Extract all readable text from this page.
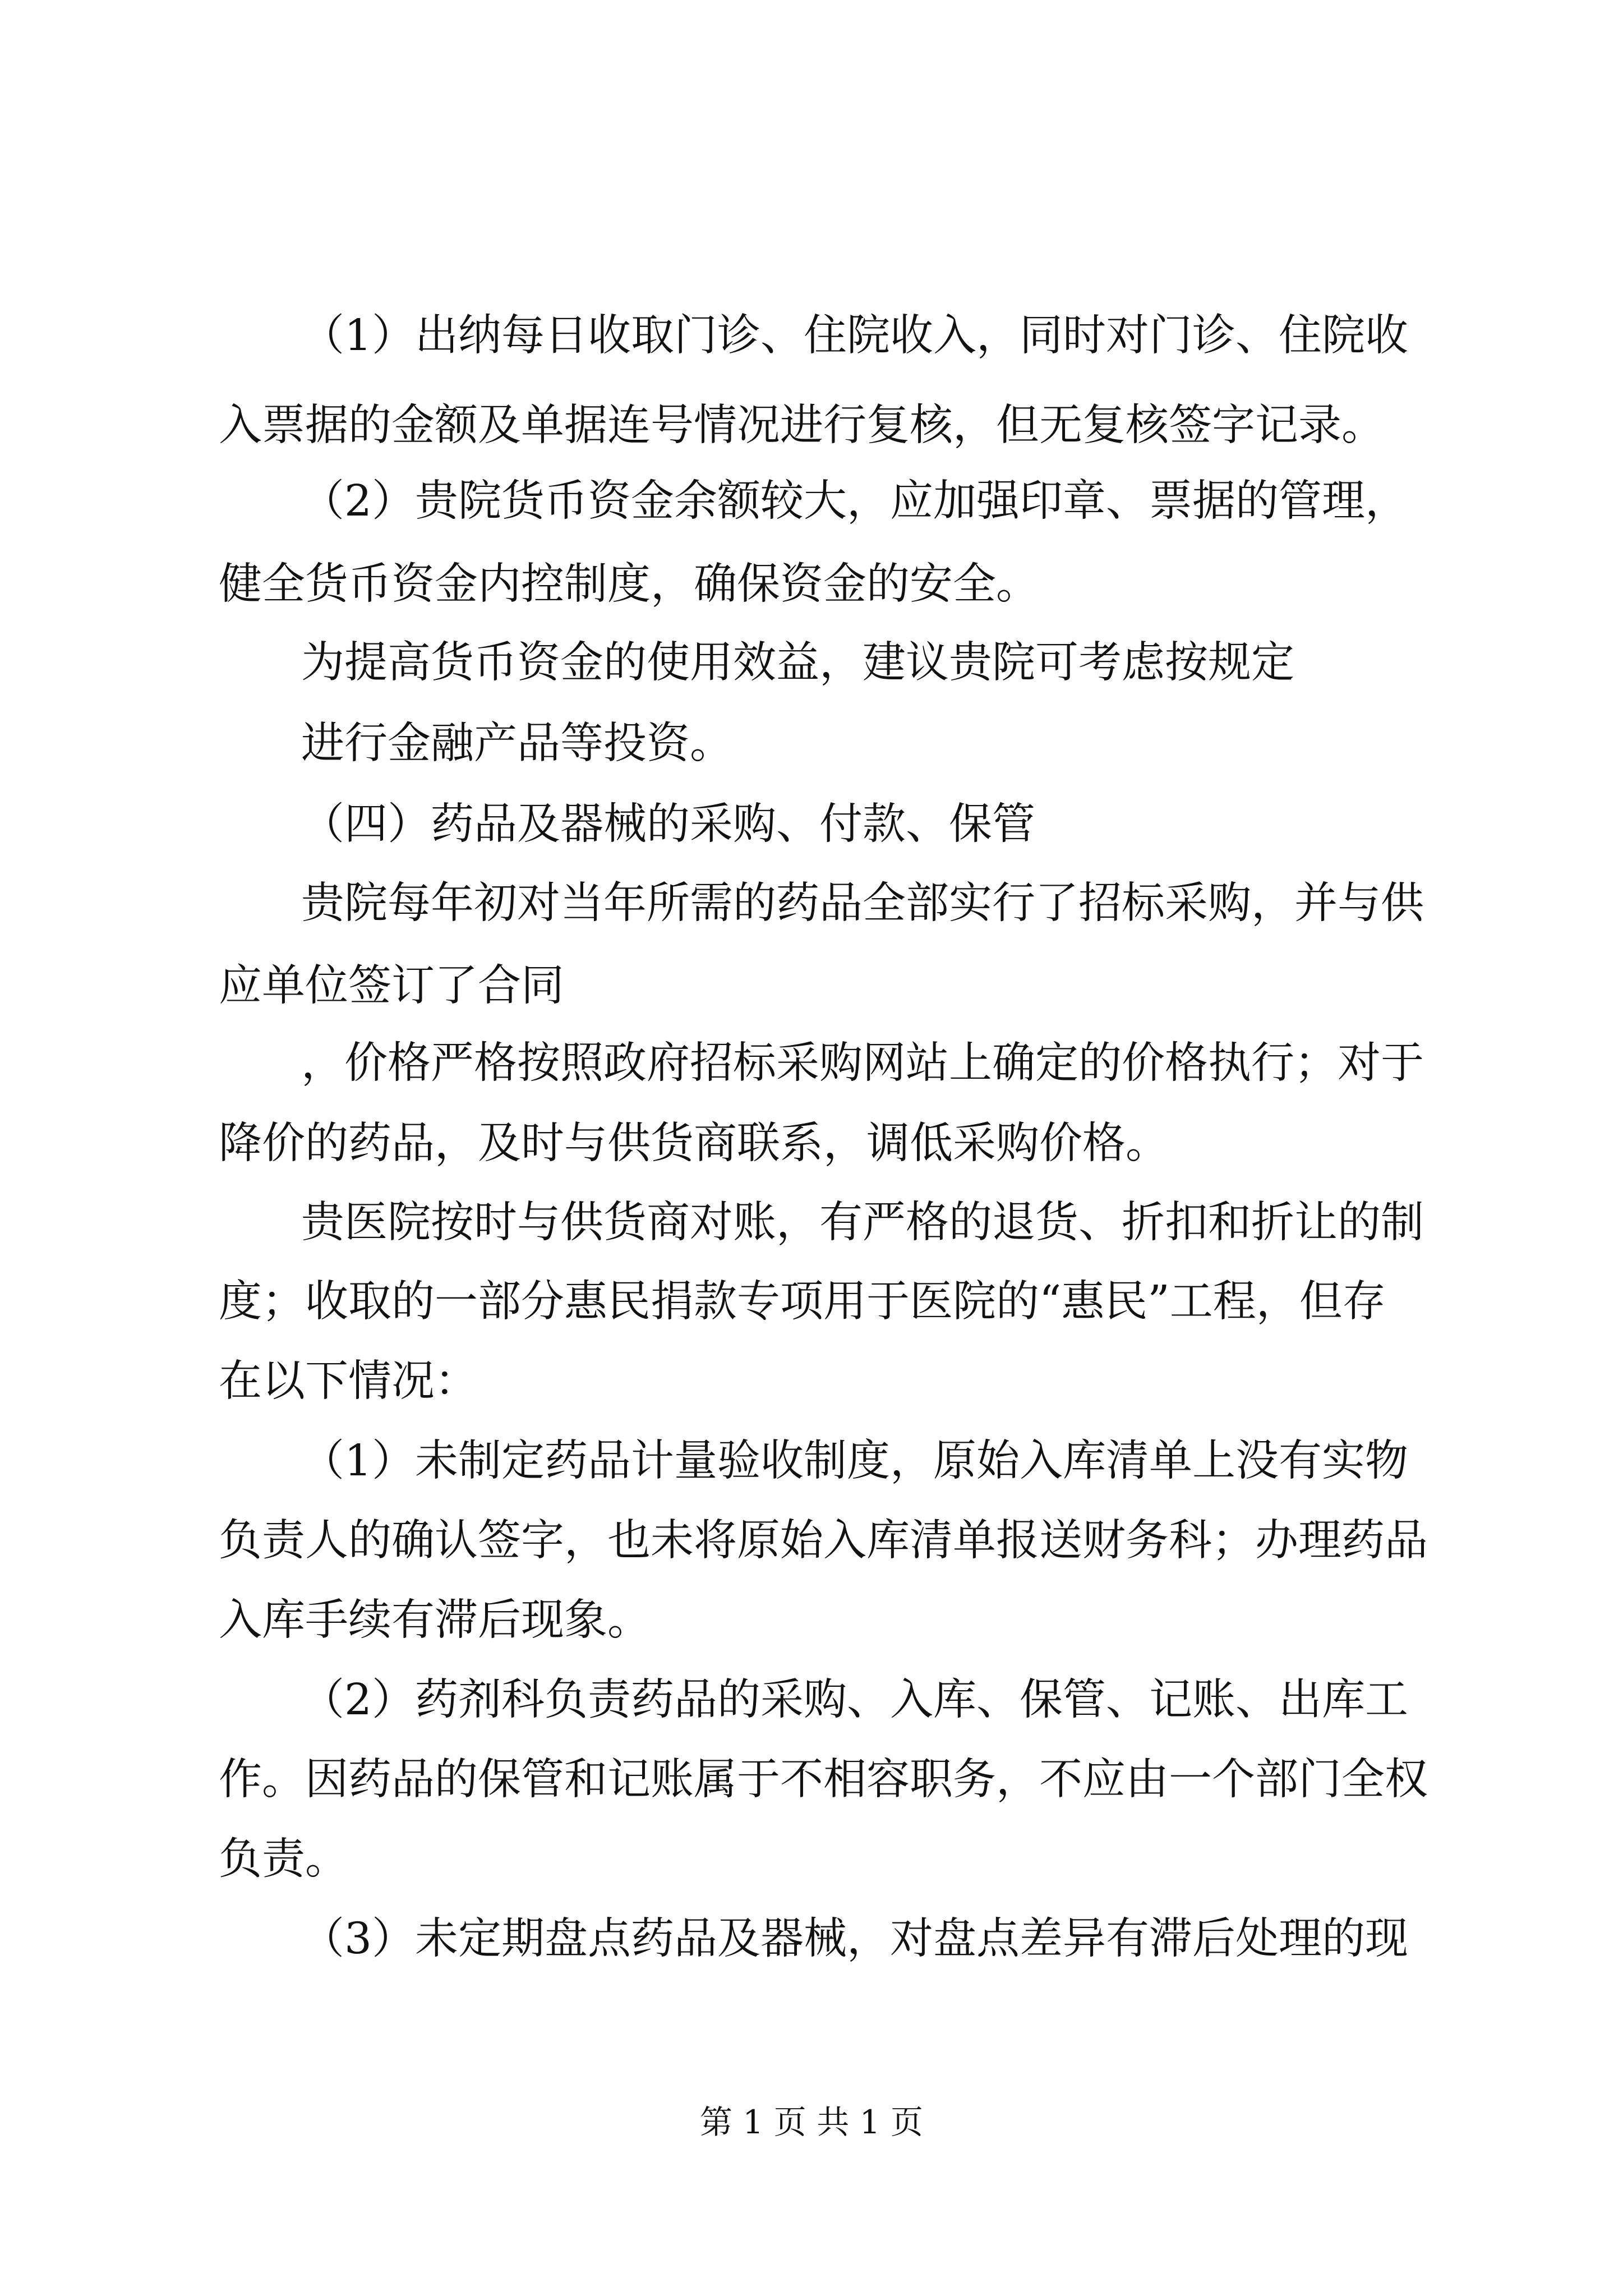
（1）出纳每日收取门诊、住院收入，同时对门诊、住院收
入票据的金额及单据连号情况进行复核，但无复核签字记录。
（2）贵院货币资金余额较大，应加强印章、票据的管理，
健全货币资金内控制度，确保资金的安全。
为提高货币资金的使用效益，建议贵院可考虑按规定
进行金融产品等投资。
（四）药品及器械的采购、付款、保管
贵院每年初对当年所需的药品全部实行了招标采购，并与供
应单位签订了合同
，价格严格按照政府招标采购网站上确定的价格执行；对于
降价的药品，及时与供货商联系，调低采购价格。
贵医院按时与供货商对账，有严格的退货、折扣和折让的制
度；收取的一部分惠民捐款专项用于医院的“惠民”工程，但存
在以下情况：
（1）未制定药品计量验收制度，原始入库清单上没有实物
负责人的确认签字，也未将原始入库清单报送财务科；办理药品
入库手续有滞后现象。
（2）药剂科负责药品的采购、入库、保管、记账、出库工
作。因药品的保管和记账属于不相容职务，不应由一个部门全权
负责。
（3）未定期盘点药品及器械，对盘点差异有滞后处理的现
第 1 页 共 1 页
